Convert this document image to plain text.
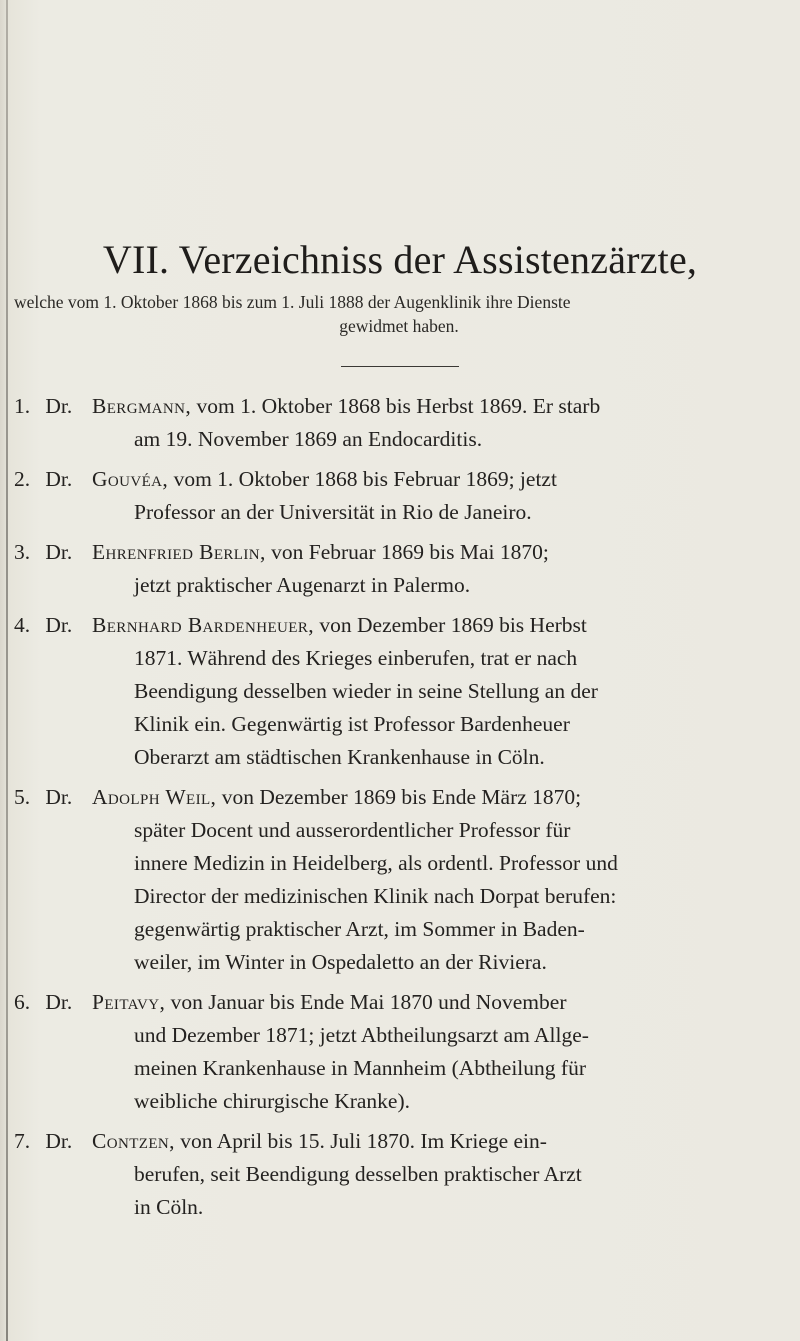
VII. Verzeichniss der Assistenzärzte,
welche vom 1. Oktober 1868 bis zum 1. Juli 1888 der Augenklinik ihre Dienste
gewidmet haben.
1. Dr. Bergmann, vom 1. Oktober 1868 bis Herbst 1869. Er starb
am 19. November 1869 an Endocarditis.
2. Dr. Gouvéa, vom 1. Oktober 1868 bis Februar 1869; jetzt
Professor an der Universität in Rio de Janeiro.
3. Dr. Ehrenfried Berlin, von Februar 1869 bis Mai 1870;
jetzt praktischer Augenarzt in Palermo.
4. Dr. Bernhard Bardenheuer, von Dezember 1869 bis Herbst
1871. Während des Krieges einberufen, trat er nach
Beendigung desselben wieder in seine Stellung an der
Klinik ein. Gegenwärtig ist Professor Bardenheuer
Oberarzt am städtischen Krankenhause in Cöln.
5. Dr. Adolph Weil, von Dezember 1869 bis Ende März 1870;
später Docent und ausserordentlicher Professor für
innere Medizin in Heidelberg, als ordentl. Professor und
Director der medizinischen Klinik nach Dorpat berufen:
gegenwärtig praktischer Arzt, im Sommer in Baden-
weiler, im Winter in Ospedaletto an der Riviera.
6. Dr. Peitavy, von Januar bis Ende Mai 1870 und November
und Dezember 1871; jetzt Abtheilungsarzt am Allge-
meinen Krankenhause in Mannheim (Abtheilung für
weibliche chirurgische Kranke).
7. Dr. Contzen, von April bis 15. Juli 1870. Im Kriege ein-
berufen, seit Beendigung desselben praktischer Arzt
in Cöln.
